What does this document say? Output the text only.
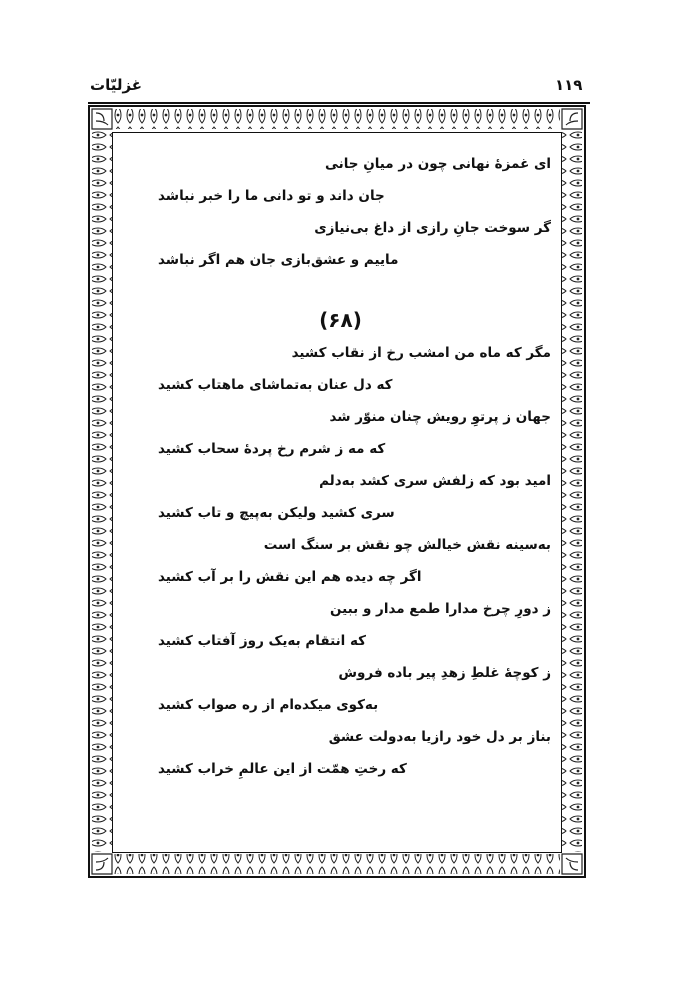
غزلیّات	۱۱۹
ای غمزهٔ نهانی چون در میانِ جانی
جان داند و تو دانی ما را خبر نباشد
گر سوخت جانِ رازی از داغ بی‌نیازی
ماییم و عشق‌بازی جان هم اگر نباشد
(۶۸)
مگر که ماه من امشب رخ از نقاب کشید
که دل عنان به‌تماشای ماهتاب کشید
جهان ز پرتوِ رویش چنان منوّر شد
که مه ز شرم رخ پردهٔ سحاب کشید
امید بود که زلفش سری کشد به‌دلم
سری کشید ولیکن به‌پیچ و تاب کشید
به‌سینه نقش خیالش چو نقش بر سنگ است
اگر چه دیده هم این نقش را بر آب کشید
ز دورِ چرخ مدارا طمع مدار و ببین
که انتقام به‌یک روز آفتاب کشید
ز کوچهٔ غلطِ زهدِ پیر باده فروش
به‌کوی میکده‌ام از ره صواب کشید
بناز بر دل خود رازیا به‌دولت عشق
که رختِ همّت از این عالمِ خراب کشید
